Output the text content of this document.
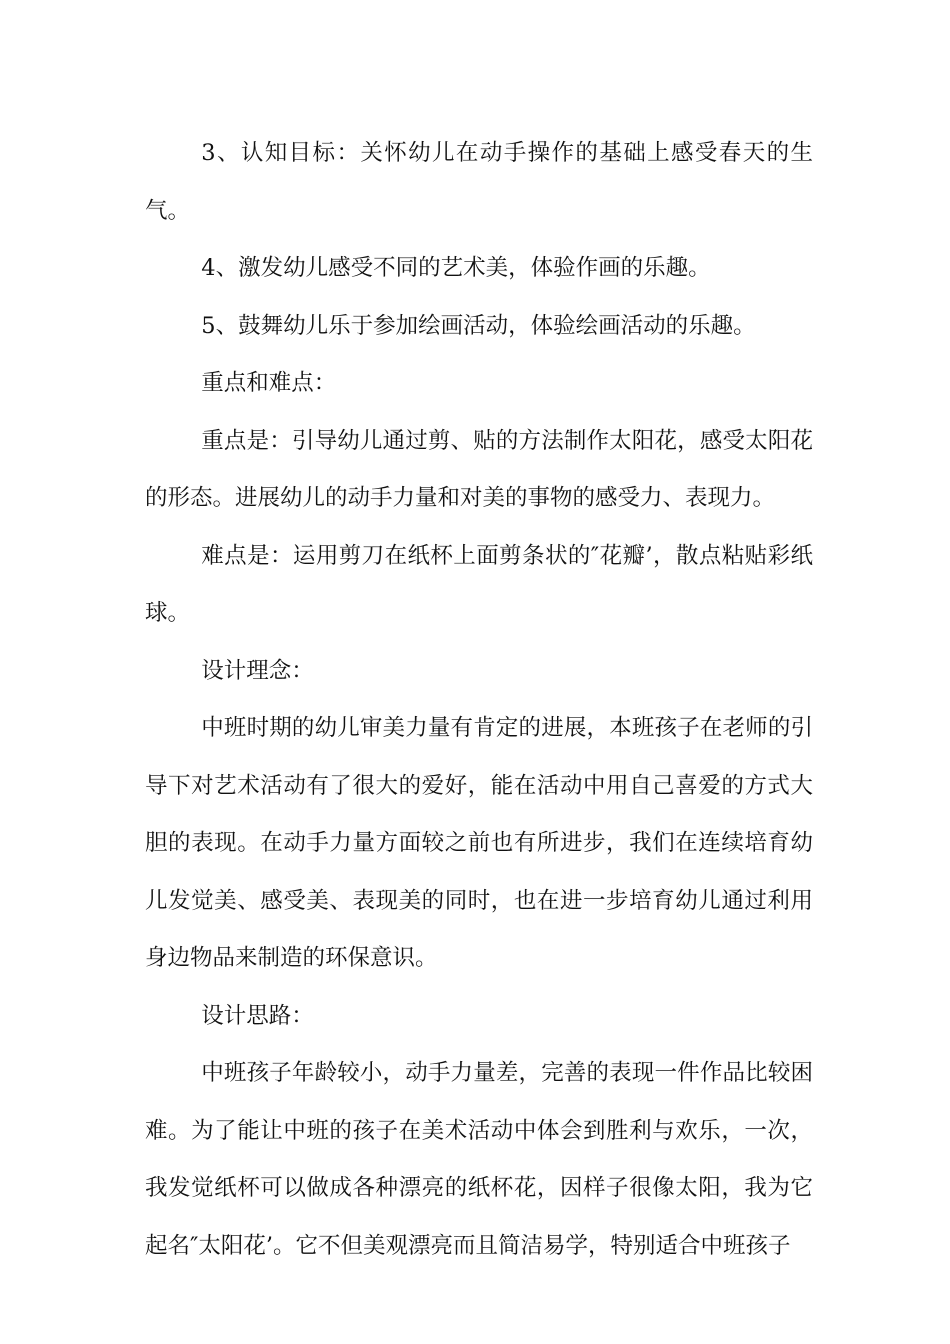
3、认知目标：关怀幼儿在动手操作的基础上感受春天的生气。

4、激发幼儿感受不同的艺术美，体验作画的乐趣。

5、鼓舞幼儿乐于参加绘画活动，体验绘画活动的乐趣。

重点和难点：

重点是：引导幼儿通过剪、贴的方法制作太阳花，感受太阳花的形态。进展幼儿的动手力量和对美的事物的感受力、表现力。

难点是：运用剪刀在纸杯上面剪条状的″花瓣’，散点粘贴彩纸球。

设计理念：

中班时期的幼儿审美力量有肯定的进展，本班孩子在老师的引导下对艺术活动有了很大的爱好，能在活动中用自己喜爱的方式大胆的表现。在动手力量方面较之前也有所进步，我们在连续培育幼儿发觉美、感受美、表现美的同时，也在进一步培育幼儿通过利用身边物品来制造的环保意识。

设计思路：

中班孩子年龄较小，动手力量差，完善的表现一件作品比较困难。为了能让中班的孩子在美术活动中体会到胜利与欢乐，一次，我发觉纸杯可以做成各种漂亮的纸杯花，因样子很像太阳，我为它起名″太阳花’。它不但美观漂亮而且简洁易学，特别适合中班孩子
